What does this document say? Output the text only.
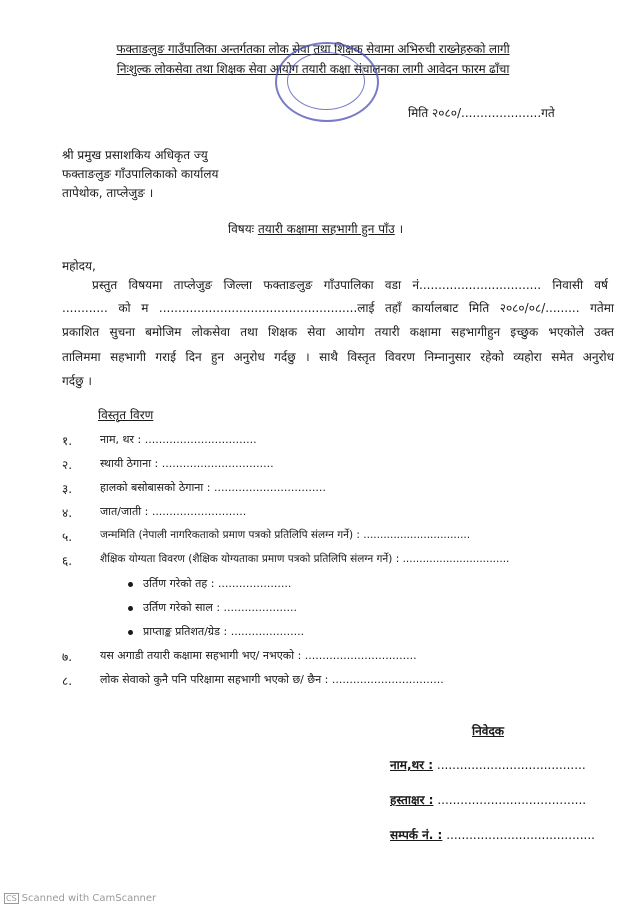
फक्ताङलुङ गाउँपालिका अन्तर्गतका लोक सेवा तथा शिक्षक सेवामा अभिरुची राख्नेहरुको लागी
निःशुल्क लोकसेवा तथा शिक्षक सेवा आयोग तयारी कक्षा संचालनका लागी आवेदन फारम ढाँचा
मिति २०८०/.....................गते
श्री प्रमुख प्रसाशकिय अधिकृत ज्यु
फक्ताङलुङ गाँउपालिकाको कार्यालय
तापेथोक, ताप्लेजुङ ।
विषयः तयारी कक्षामा सहभागी हुन पाँउ ।
महोदय,
प्रस्तुत विषयमा ताप्लेजुङ जिल्ला फक्ताङलुङ गाँउपालिका वडा नं................................ निवासी वर्ष
............ को म ....................................................लाई तहाँ कार्यालबाट मिति २०८०/०८/......... गतेमा
प्रकाशित सुचना बमोजिम लोकसेवा तथा शिक्षक सेवा आयोग तयारी कक्षामा सहभागीहुन इच्छुक भएकोले उक्त
तालिममा सहभागी गराई दिन हुन अनुरोध गर्दछु । साथै विस्तृत विवरण निम्नानुसार रहेको व्यहोरा समेत अनुरोध
गर्दछु ।
विस्तृत विरण
१.	नाम, थर : ................................
२.	स्थायी ठेगाना : ................................
३.	हालको बसोबासको ठेगाना : ................................
४.	जात/जाती : ...........................
५.	जन्ममिति (नेपाली नागरिकताको प्रमाण पत्रको प्रतिलिपि संलग्न गर्ने) : ................................
६.	शैक्षिक योग्यता विवरण (शैक्षिक योग्यताका प्रमाण पत्रको प्रतिलिपि संलग्न गर्ने) : ................................
उर्तिण गरेको तह : .....................
उर्तिण गरेको साल : .....................
प्राप्ताङ्क प्रतिशत/ग्रेड : .....................
७.	यस अगाडी तयारी कक्षामा सहभागी भए/ नभएको : ................................
८.	लोक सेवाको कुनै पनि परिक्षामा सहभागी भएको छ/ छैन : ................................
निवेदक
नाम,थर : .......................................
हस्ताक्षर : .......................................
सम्पर्क नं. : .......................................
CS Scanned with CamScanner
